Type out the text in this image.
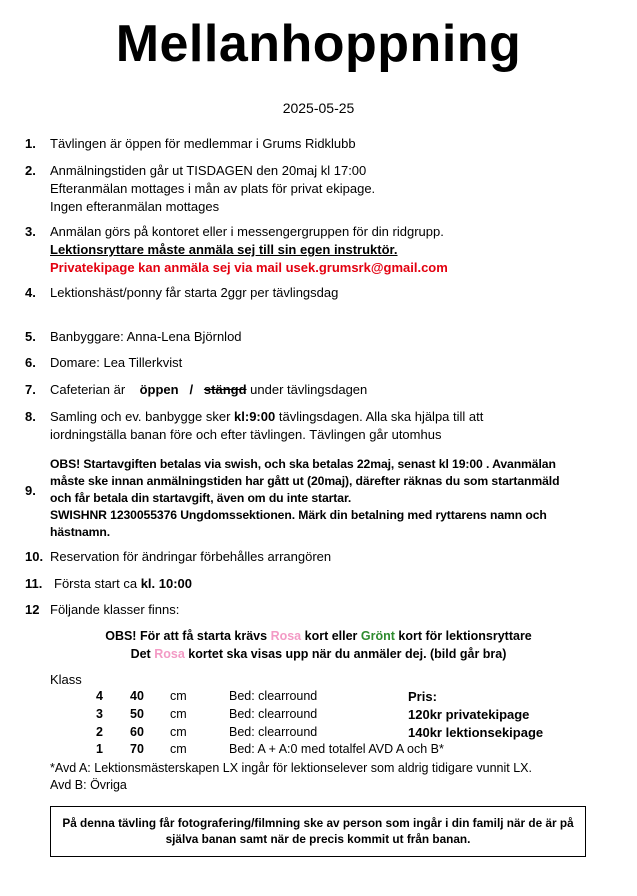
Mellanhoppning
2025-05-25
1. Tävlingen är öppen för medlemmar i Grums Ridklubb
2. Anmälningstiden går ut TISDAGEN den 20maj kl 17:00
Efteranmälan mottages i mån av plats för privat ekipage.
Ingen efteranmälan mottages
3. Anmälan görs på kontoret eller i messengergruppen för din ridgrupp.
Lektionsryttare måste anmäla sej till sin egen instruktör.
Privatekipage kan anmäla sej via mail usek.grumsrk@gmail.com
4. Lektionshäst/ponny får starta 2ggr per tävlingsdag
5. Banbyggare: Anna-Lena Björnlod
6. Domare: Lea Tillerkvist
7. Cafeterian är öppen / stängd under tävlingsdagen
8. Samling och ev. banbygge sker kl:9:00 tävlingsdagen. Alla ska hjälpa till att
iordningställa banan före och efter tävlingen. Tävlingen går utomhus
9.
OBS! Startavgiften betalas via swish, och ska betalas 22maj, senast kl 19:00 . Avanmälan
måste ske innan anmälningstiden har gått ut (20maj), därefter räknas du som startanmäld
och får betala din startavgift, även om du inte startar.
SWISHNR 1230055376 Ungdomssektionen. Märk din betalning med ryttarens namn och
hästnamn.
10. Reservation för ändringar förbehålles arrangören
11. Första start ca kl. 10:00
12 Följande klasser finns:
OBS! För att få starta krävs Rosa kort eller Grönt kort för lektionsryttare
Det Rosa kortet ska visas upp när du anmäler dej. (bild går bra)
Klass
4 40 cm	Bed: clearround	Pris:
3 50 cm	Bed: clearround	120kr privatekipage
2 60 cm	Bed: clearround	140kr lektionsekipage
1 70 cm	Bed: A + A:0 med totalfel AVD A och B*
*Avd A: Lektionsmästerskapen LX ingår för lektionselever som aldrig tidigare vunnit LX.
Avd B: Övriga
På denna tävling får fotografering/filmning ske av person som ingår i din familj när de är på
själva banan samt när de precis kommit ut från banan.
